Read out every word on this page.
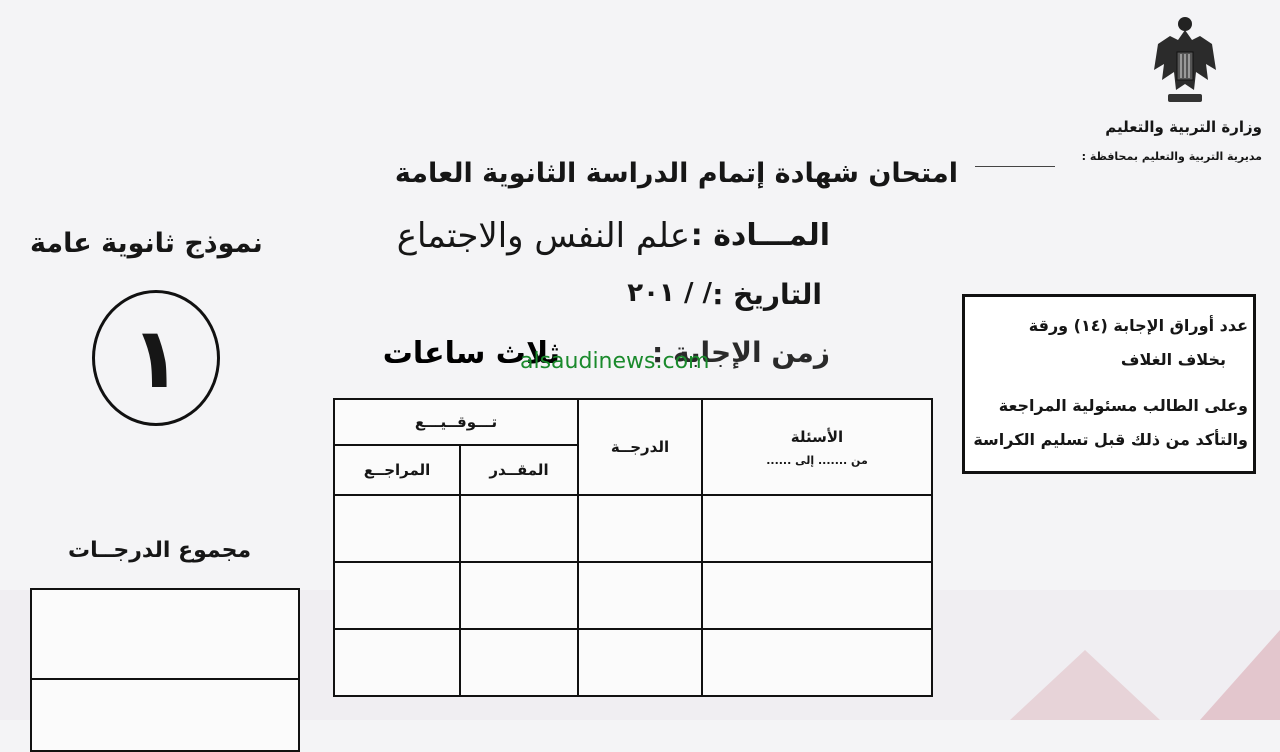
وزارة التربية والتعليم
مديرية التربية والتعليم بمحافظة :
امتحان شهادة إتمام الدراسة الثانوية العامة
المـــادة :
علم النفس والاجتماع
التاريخ :
/ / ٢٠١
زمن الإجابة :
ثلاث ساعات
alsaudinews.com
نموذج ثانوية عامة
١
مجموع الدرجــات
عدد أوراق الإجابة (١٤) ورقة
بخلاف الغلاف
وعلى الطالب مسئولية المراجعة
والتأكد من ذلك قبل تسليم الكراسة
الأسئلة
من ....... إلى ......	الدرجــة	تـــوقــيـــع	
		المقــدر	المراجــع
